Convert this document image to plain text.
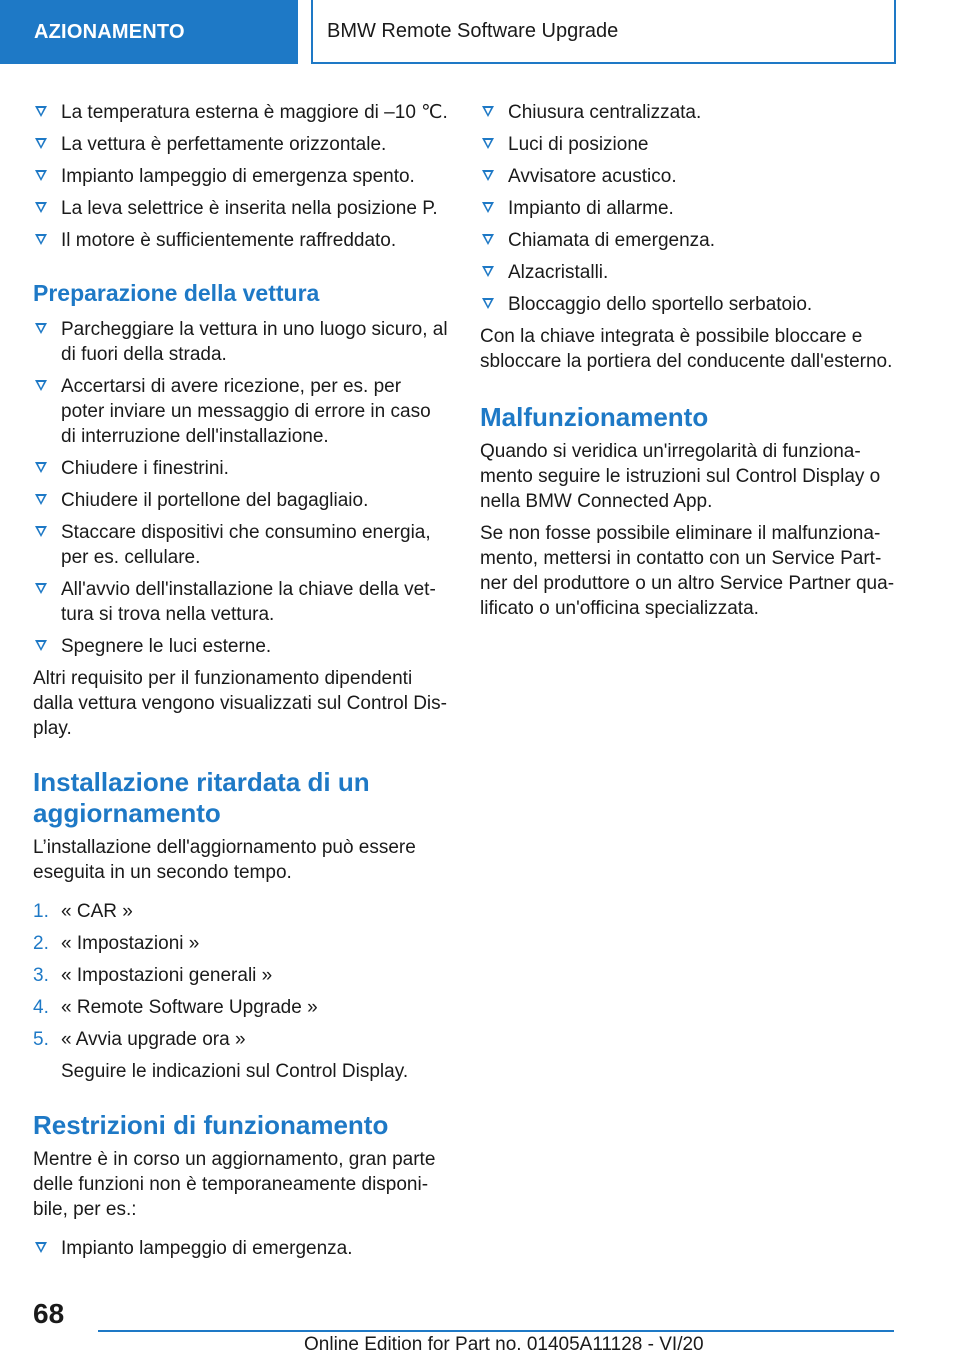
AZIONAMENTO	BMW Remote Software Upgrade
La temperatura esterna è maggiore di –10 ℃.
La vettura è perfettamente orizzontale.
Impianto lampeggio di emergenza spento.
La leva selettrice è inserita nella posizione P.
Il motore è sufficientemente raffreddato.
Preparazione della vettura
Parcheggiare la vettura in uno luogo sicuro, al di fuori della strada.
Accertarsi di avere ricezione, per es. per poter inviare un messaggio di errore in caso di interruzione dell'installazione.
Chiudere i finestrini.
Chiudere il portellone del bagagliaio.
Staccare dispositivi che consumino energia, per es. cellulare.
All'avvio dell'installazione la chiave della vettura si trova nella vettura.
Spegnere le luci esterne.

Altri requisito per il funzionamento dipendenti dalla vettura vengono visualizzati sul Control Display.

Installazione ritardata di un aggiornamento

L’installazione dell'aggiornamento può essere eseguita in un secondo tempo.

1. « CAR »
2. « Impostazioni »
3. « Impostazioni generali »
4. « Remote Software Upgrade »
5. « Avvia upgrade ora »
Seguire le indicazioni sul Control Display.
Restrizioni di funzionamento

Mentre è in corso un aggiornamento, gran parte delle funzioni non è temporaneamente disponibile, per es.:

Impianto lampeggio di emergenza.
Chiusura centralizzata.
Luci di posizione
Avvisatore acustico.
Impianto di allarme.
Chiamata di emergenza.
Alzacristalli.
Bloccaggio dello sportello serbatoio.

Con la chiave integrata è possibile bloccare e sbloccare la portiera del conducente dall'esterno.

Malfunzionamento

Quando si veridica un'irregolarità di funzionamento seguire le istruzioni sul Control Display o nella BMW Connected App.

Se non fosse possibile eliminare il malfunzionamento, mettersi in contatto con un Service Partner del produttore o un altro Service Partner qualificato o un'officina specializzata.

68
Online Edition for Part no. 01405A11128 - VI/20
